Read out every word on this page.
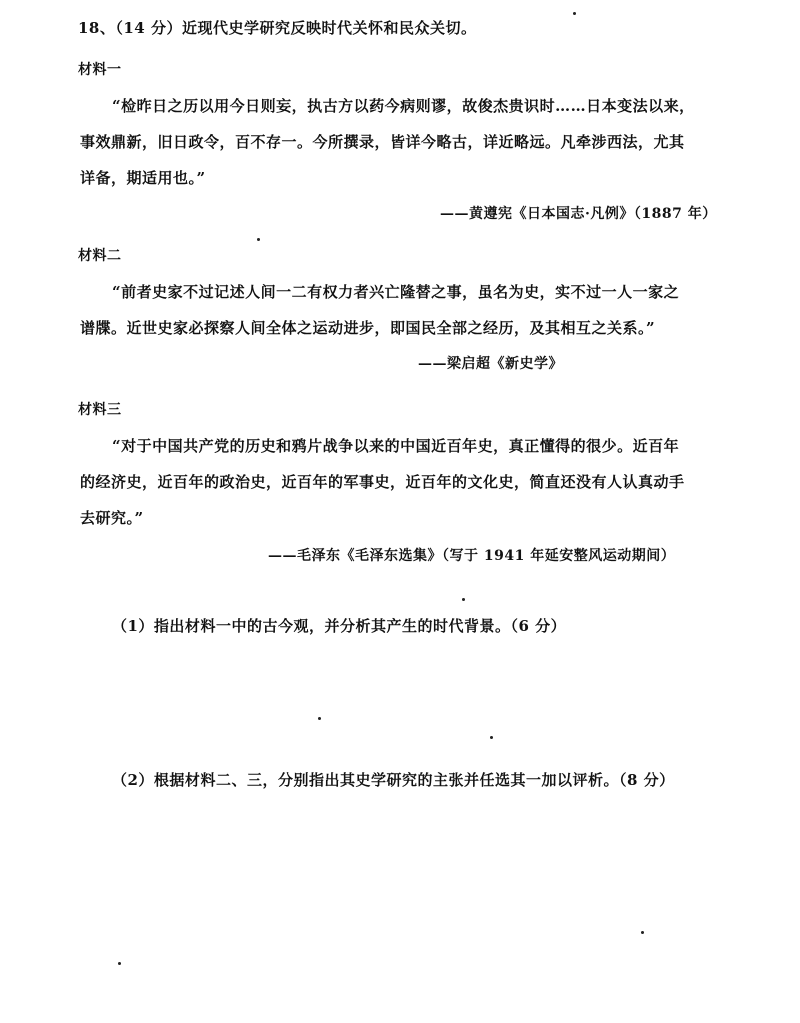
18、（14 分）近现代史学研究反映时代关怀和民众关切。
材料一
“检昨日之历以用今日则妄，执古方以药今病则谬，故俊杰贵识时……日本变法以来，
事效鼎新，旧日政令，百不存一。今所撰录，皆详今略古，详近略远。凡牵涉西法，尤其
详备，期适用也。”
——黄遵宪《日本国志·凡例》（1887 年）
材料二
“前者史家不过记述人间一二有权力者兴亡隆替之事，虽名为史，实不过一人一家之
谱牒。近世史家必探察人间全体之运动进步，即国民全部之经历，及其相互之关系。”
——梁启超《新史学》
材料三
“对于中国共产党的历史和鸦片战争以来的中国近百年史，真正懂得的很少。近百年
的经济史，近百年的政治史，近百年的军事史，近百年的文化史，简直还没有人认真动手
去研究。”
——毛泽东《毛泽东选集》（写于 1941 年延安整风运动期间）
（1）指出材料一中的古今观，并分析其产生的时代背景。（6 分）
（2）根据材料二、三，分别指出其史学研究的主张并任选其一加以评析。（8 分）
